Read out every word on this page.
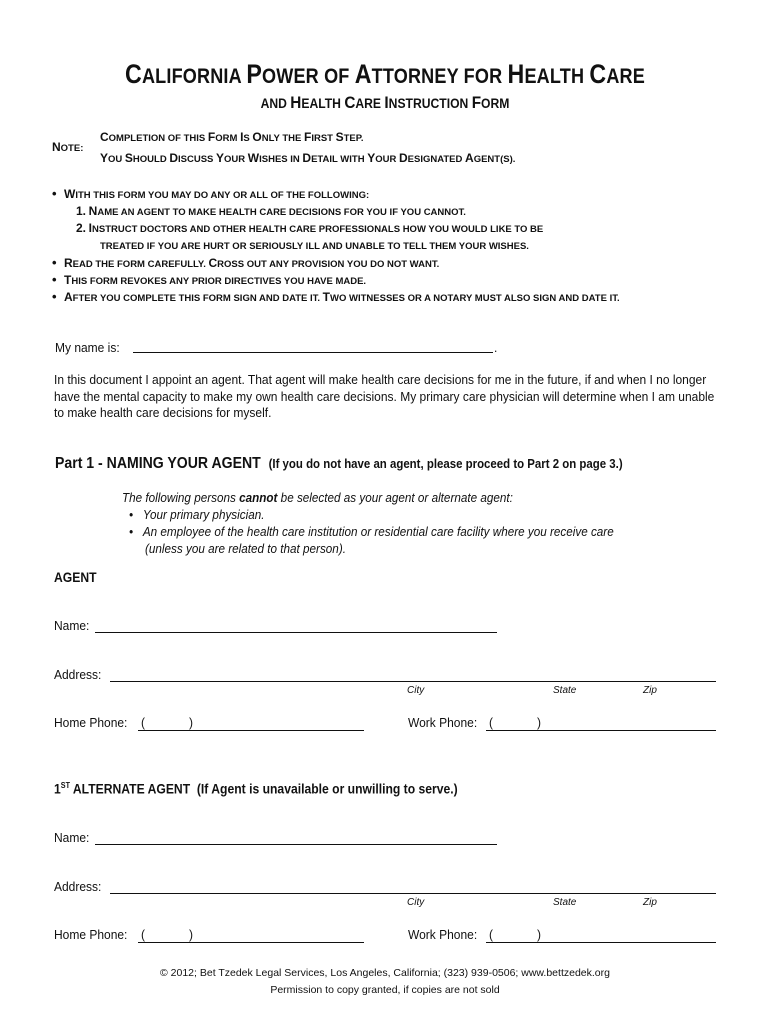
CALIFORNIA POWER OF ATTORNEY FOR HEALTH CARE
AND HEALTH CARE INSTRUCTION FORM
NOTE:
COMPLETION OF THIS FORM IS ONLY THE FIRST STEP.
YOU SHOULD DISCUSS YOUR WISHES IN DETAIL WITH YOUR DESIGNATED AGENT(S).
• WITH THIS FORM YOU MAY DO ANY OR ALL OF THE FOLLOWING:
1. NAME AN AGENT TO MAKE HEALTH CARE DECISIONS FOR YOU IF YOU CANNOT.
2. INSTRUCT DOCTORS AND OTHER HEALTH CARE PROFESSIONALS HOW YOU WOULD LIKE TO BE
TREATED IF YOU ARE HURT OR SERIOUSLY ILL AND UNABLE TO TELL THEM YOUR WISHES.
• READ THE FORM CAREFULLY. CROSS OUT ANY PROVISION YOU DO NOT WANT.
• THIS FORM REVOKES ANY PRIOR DIRECTIVES YOU HAVE MADE.
• AFTER YOU COMPLETE THIS FORM SIGN AND DATE IT. TWO WITNESSES OR A NOTARY MUST ALSO SIGN AND DATE IT.
My name is:	.
In this document I appoint an agent. That agent will make health care decisions for me in the future, if and when I no longer have the mental capacity to make my own health care decisions. My primary care physician will determine when I am unable to make health care decisions for myself.
Part 1 - NAMING YOUR AGENT (If you do not have an agent, please proceed to Part 2 on page 3.)
The following persons cannot be selected as your agent or alternate agent:
• Your primary physician.
• An employee of the health care institution or residential care facility where you receive care
(unless you are related to that person).
AGENT
Name:
Address:
City	State	Zip
Home Phone: (	)	Work Phone: (	)
1ST ALTERNATE AGENT (If Agent is unavailable or unwilling to serve.)
Name:
Address:
City	State	Zip
Home Phone: (	)	Work Phone: (	)
© 2012; Bet Tzedek Legal Services, Los Angeles, California; (323) 939-0506; www.bettzedek.org
Permission to copy granted, if copies are not sold
